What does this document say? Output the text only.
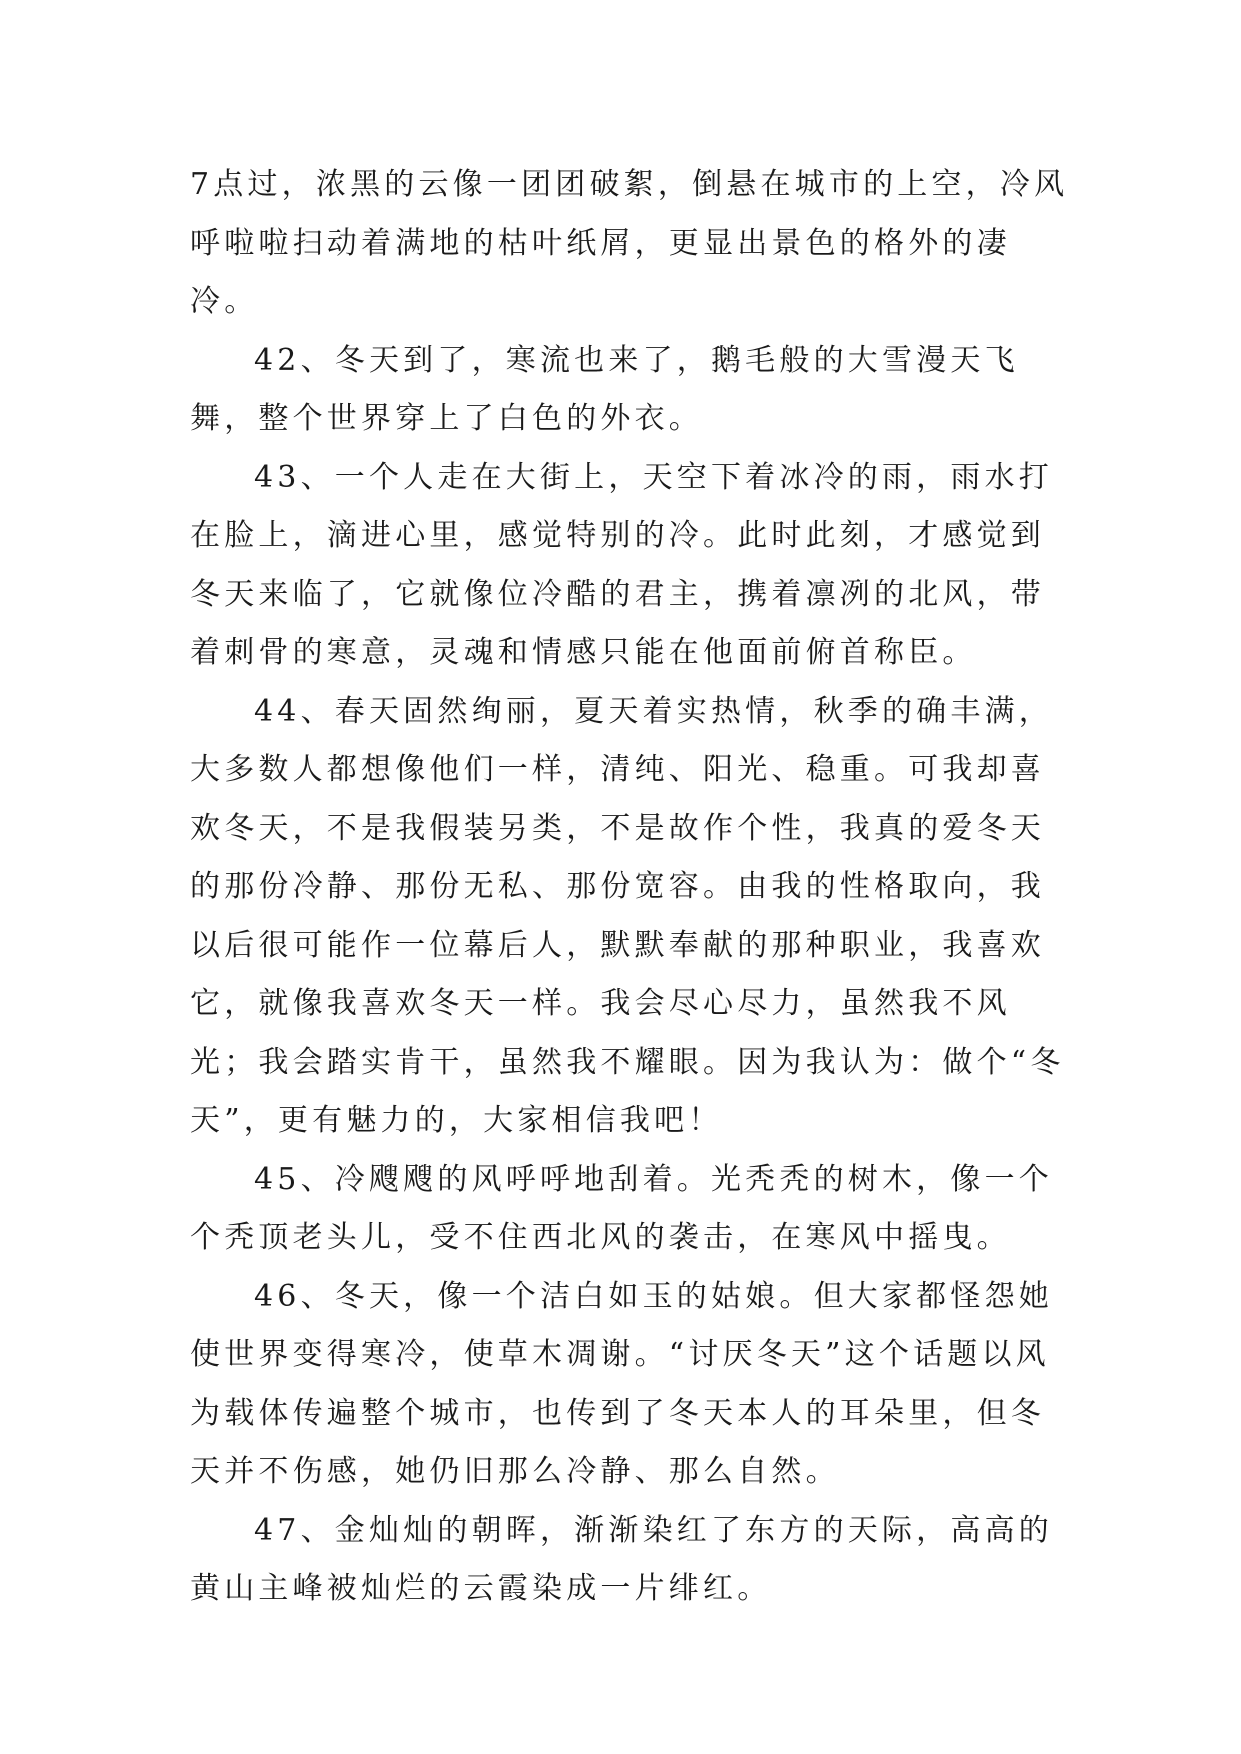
7点过，浓黑的云像一团团破絮，倒悬在城市的上空，冷风呼啦啦扫动着满地的枯叶纸屑，更显出景色的格外的凄冷。

42、冬天到了，寒流也来了，鹅毛般的大雪漫天飞舞，整个世界穿上了白色的外衣。

43、一个人走在大街上，天空下着冰冷的雨，雨水打在脸上，滴进心里，感觉特别的冷。此时此刻，才感觉到冬天来临了，它就像位冷酷的君主，携着凛冽的北风，带着刺骨的寒意，灵魂和情感只能在他面前俯首称臣。

44、春天固然绚丽，夏天着实热情，秋季的确丰满，大多数人都想像他们一样，清纯、阳光、稳重。可我却喜欢冬天，不是我假装另类，不是故作个性，我真的爱冬天的那份冷静、那份无私、那份宽容。由我的性格取向，我以后很可能作一位幕后人，默默奉献的那种职业，我喜欢它，就像我喜欢冬天一样。我会尽心尽力，虽然我不风光；我会踏实肯干，虽然我不耀眼。因为我认为：做个“冬天”，更有魅力的，大家相信我吧！

45、冷飕飕的风呼呼地刮着。光秃秃的树木，像一个个秃顶老头儿，受不住西北风的袭击，在寒风中摇曳。

46、冬天，像一个洁白如玉的姑娘。但大家都怪怨她使世界变得寒冷，使草木凋谢。“讨厌冬天”这个话题以风为载体传遍整个城市，也传到了冬天本人的耳朵里，但冬天并不伤感，她仍旧那么冷静、那么自然。

47、金灿灿的朝晖，渐渐染红了东方的天际，高高的黄山主峰被灿烂的云霞染成一片绯红。
